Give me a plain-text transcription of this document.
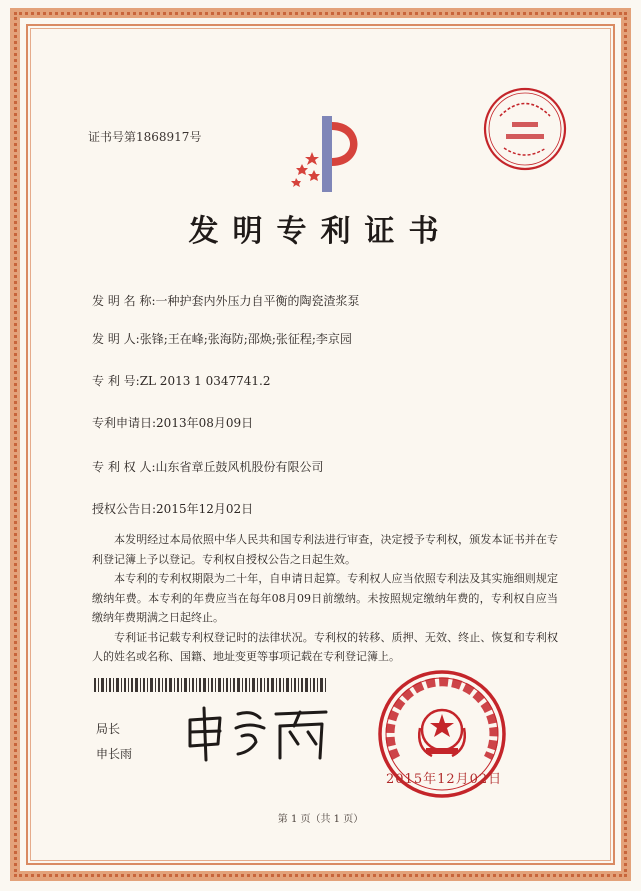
证书号第1868917号
发明专利证书
发 明 名 称:一种护套内外压力自平衡的陶瓷渣浆泵
发 明 人:张锋;王在峰;张海防;邵焕;张征程;李京园
专 利 号:ZL 2013 1 0347741.2
专利申请日:2013年08月09日
专 利 权 人:山东省章丘鼓风机股份有限公司
授权公告日:2015年12月02日

本发明经过本局依照中华人民共和国专利法进行审查，决定授予专利权，颁发本证书并在专利登记簿上予以登记。专利权自授权公告之日起生效。

本专利的专利权期限为二十年，自申请日起算。专利权人应当依照专利法及其实施细则规定缴纳年费。本专利的年费应当在每年08月09日前缴纳。未按照规定缴纳年费的，专利权自应当缴纳年费期满之日起终止。

专利证书记载专利权登记时的法律状况。专利权的转移、质押、无效、终止、恢复和专利权人的姓名或名称、国籍、地址变更等事项记载在专利登记簿上。

局长
申长雨
2015年12月02日
第 1 页（共 1 页）
